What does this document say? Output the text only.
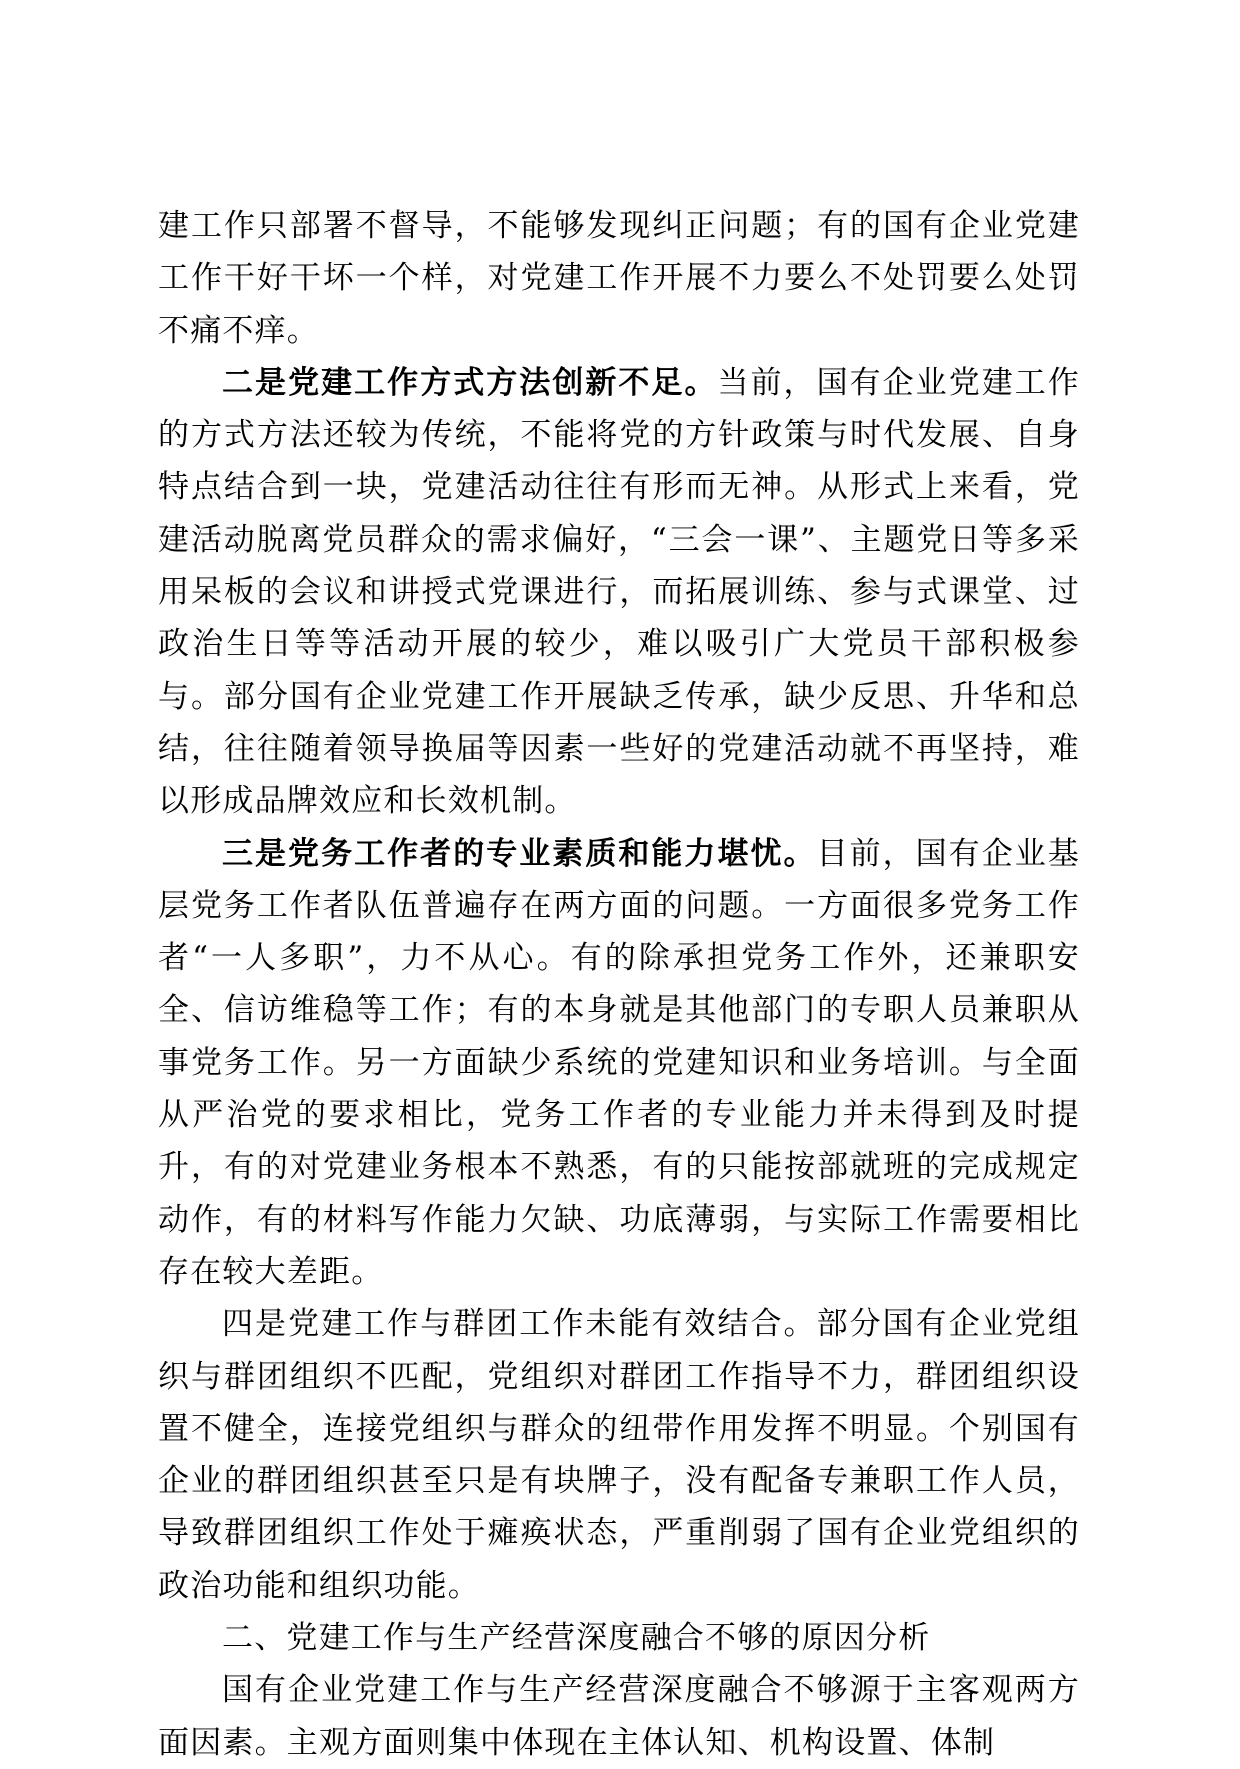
建工作只部署不督导，不能够发现纠正问题；有的国有企业党建工作干好干坏一个样，对党建工作开展不力要么不处罚要么处罚不痛不痒。

二是党建工作方式方法创新不足。当前，国有企业党建工作的方式方法还较为传统，不能将党的方针政策与时代发展、自身特点结合到一块，党建活动往往有形而无神。从形式上来看，党建活动脱离党员群众的需求偏好，“三会一课”、主题党日等多采用呆板的会议和讲授式党课进行，而拓展训练、参与式课堂、过政治生日等等活动开展的较少，难以吸引广大党员干部积极参与。部分国有企业党建工作开展缺乏传承，缺少反思、升华和总结，往往随着领导换届等因素一些好的党建活动就不再坚持，难以形成品牌效应和长效机制。

三是党务工作者的专业素质和能力堪忧。目前，国有企业基层党务工作者队伍普遍存在两方面的问题。一方面很多党务工作者“一人多职”，力不从心。有的除承担党务工作外，还兼职安全、信访维稳等工作；有的本身就是其他部门的专职人员兼职从事党务工作。另一方面缺少系统的党建知识和业务培训。与全面从严治党的要求相比，党务工作者的专业能力并未得到及时提升，有的对党建业务根本不熟悉，有的只能按部就班的完成规定动作，有的材料写作能力欠缺、功底薄弱，与实际工作需要相比存在较大差距。

四是党建工作与群团工作未能有效结合。部分国有企业党组织与群团组织不匹配，党组织对群团工作指导不力，群团组织设置不健全，连接党组织与群众的纽带作用发挥不明显。个别国有企业的群团组织甚至只是有块牌子，没有配备专兼职工作人员，导致群团组织工作处于瘫痪状态，严重削弱了国有企业党组织的政治功能和组织功能。

二、党建工作与生产经营深度融合不够的原因分析

国有企业党建工作与生产经营深度融合不够源于主客观两方面因素。主观方面则集中体现在主体认知、机构设置、体制
